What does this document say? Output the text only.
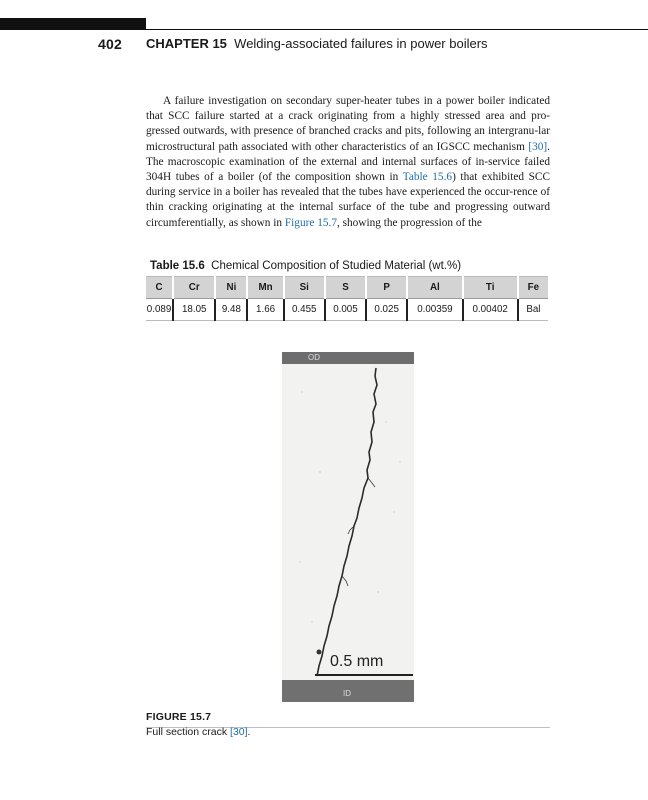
402 CHAPTER 15 Welding-associated failures in power boilers

A failure investigation on secondary super-heater tubes in a power boiler indicated that SCC failure started at a crack originating from a highly stressed area and pro-gressed outwards, with presence of branched cracks and pits, following an intergranu-lar microstructural path associated with other characteristics of an IGSCC mechanism [30]. The macroscopic examination of the external and internal surfaces of in-service failed 304H tubes of a boiler (of the composition shown in Table 15.6) that exhibited SCC during service in a boiler has revealed that the tubes have experienced the occur-rence of thin cracking originating at the internal surface of the tube and progressing outward circumferentially, as shown in Figure 15.7, showing the progression of the

Table 15.6 Chemical Composition of Studied Material (wt.%)
C	Cr	Ni	Mn	Si	S	P	Al	Ti	Fe
0.089	18.05	9.48	1.66	0.455	0.005	0.025	0.00359	0.00402	Bal
OD
0.5 mm
ID
FIGURE 15.7
Full section crack [30].
